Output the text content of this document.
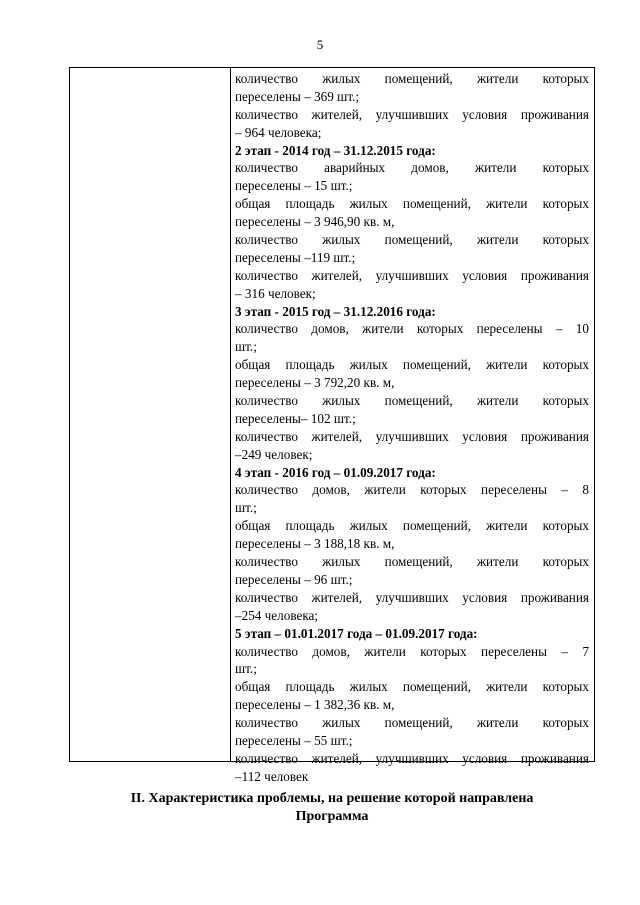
5
количество жилых помещений, жители которых
переселены – 369 шт.;
количество жителей, улучшивших условия проживания
– 964 человека;
2 этап - 2014 год – 31.12.2015 года:
количество аварийных домов, жители которых
переселены – 15 шт.;
общая площадь жилых помещений, жители которых
переселены – 3 946,90 кв. м,
количество жилых помещений, жители которых
переселены –119 шт.;
количество жителей, улучшивших условия проживания
– 316 человек;
3 этап - 2015 год – 31.12.2016 года:
количество домов, жители которых переселены – 10
шт.;
общая площадь жилых помещений, жители которых
переселены – 3 792,20 кв. м,
количество жилых помещений, жители которых
переселены– 102 шт.;
количество жителей, улучшивших условия проживания
–249 человек;
4 этап - 2016 год – 01.09.2017 года:
количество домов, жители которых переселены – 8
шт.;
общая площадь жилых помещений, жители которых
переселены – 3 188,18 кв. м,
количество жилых помещений, жители которых
переселены – 96 шт.;
количество жителей, улучшивших условия проживания
–254 человека;
5 этап – 01.01.2017 года – 01.09.2017 года:
количество домов, жители которых переселены – 7
шт.;
общая площадь жилых помещений, жители которых
переселены – 1 382,36 кв. м,
количество жилых помещений, жители которых
переселены – 55 шт.;
количество жителей, улучшивших условия проживания
–112 человек
II. Характеристика проблемы, на решение которой направлена
Программа
